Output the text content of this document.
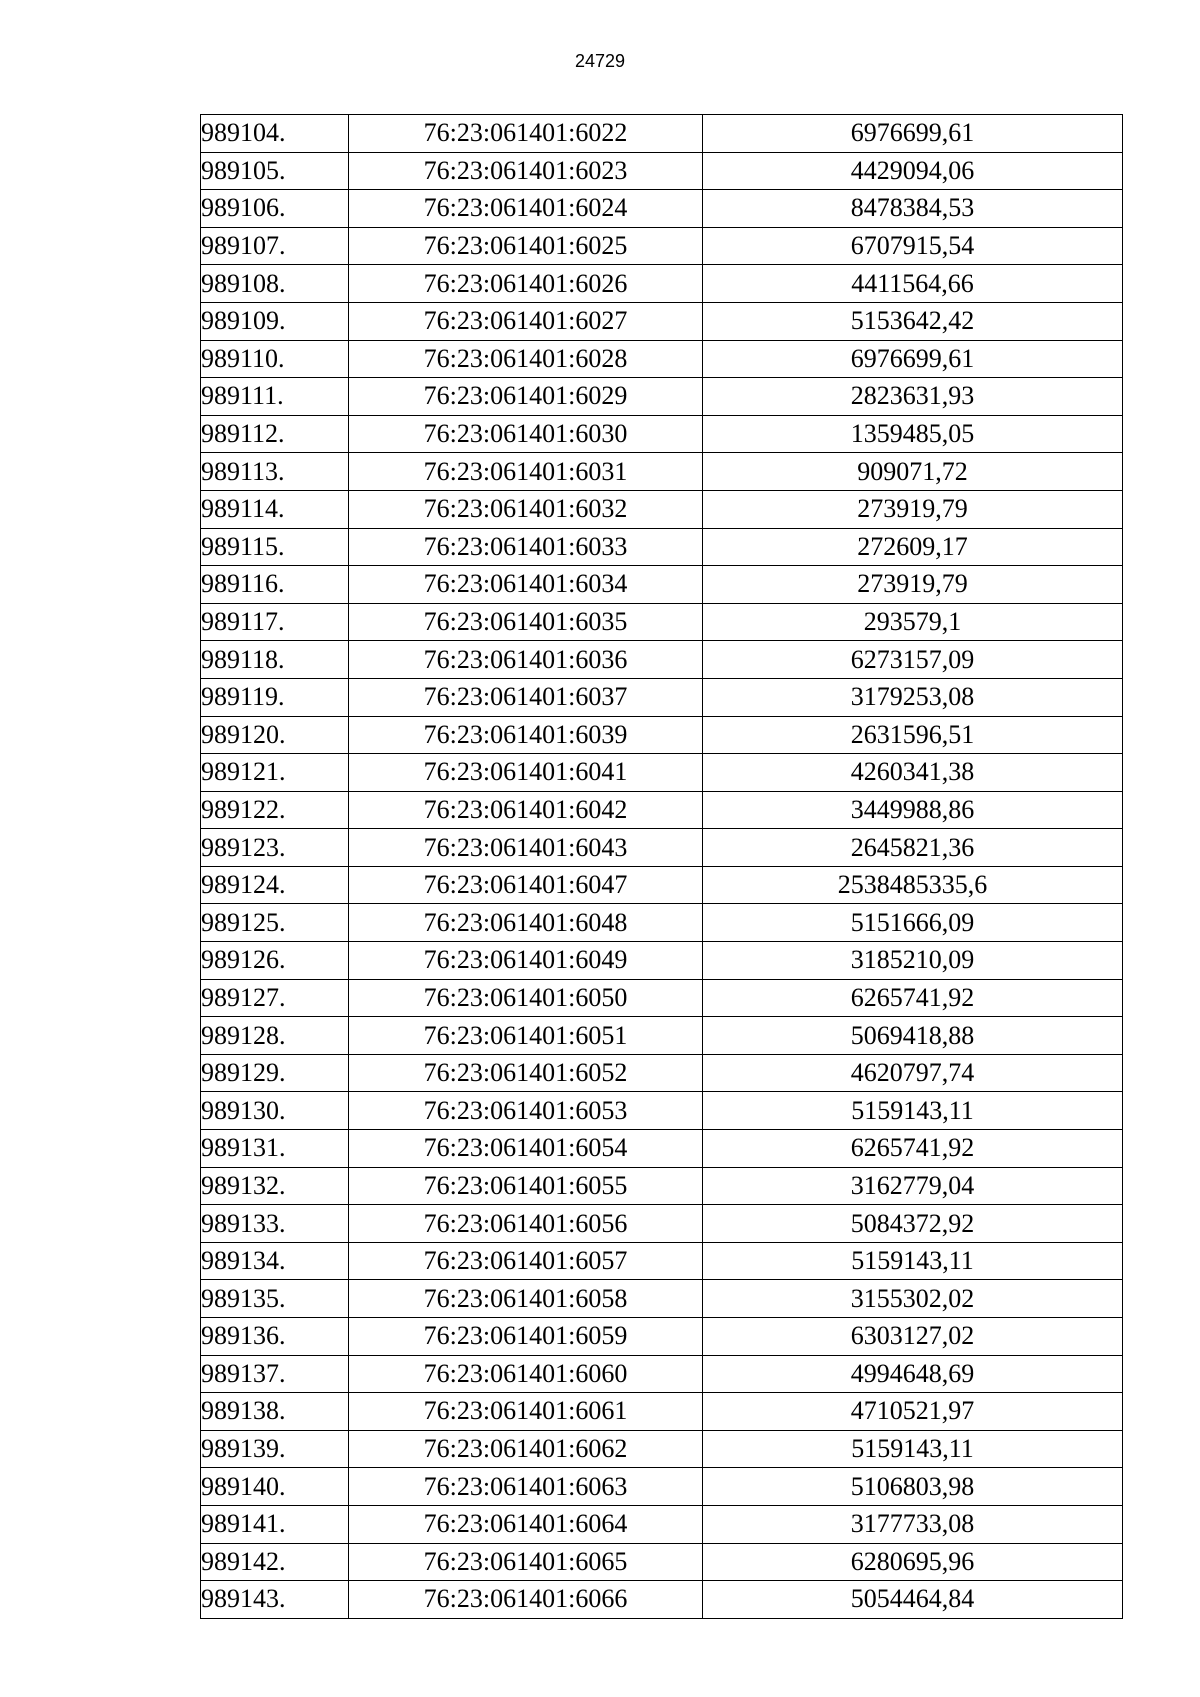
24729
989104.	76:23:061401:6022	6976699,61
989105.	76:23:061401:6023	4429094,06
989106.	76:23:061401:6024	8478384,53
989107.	76:23:061401:6025	6707915,54
989108.	76:23:061401:6026	4411564,66
989109.	76:23:061401:6027	5153642,42
989110.	76:23:061401:6028	6976699,61
989111.	76:23:061401:6029	2823631,93
989112.	76:23:061401:6030	1359485,05
989113.	76:23:061401:6031	909071,72
989114.	76:23:061401:6032	273919,79
989115.	76:23:061401:6033	272609,17
989116.	76:23:061401:6034	273919,79
989117.	76:23:061401:6035	293579,1
989118.	76:23:061401:6036	6273157,09
989119.	76:23:061401:6037	3179253,08
989120.	76:23:061401:6039	2631596,51
989121.	76:23:061401:6041	4260341,38
989122.	76:23:061401:6042	3449988,86
989123.	76:23:061401:6043	2645821,36
989124.	76:23:061401:6047	2538485335,6
989125.	76:23:061401:6048	5151666,09
989126.	76:23:061401:6049	3185210,09
989127.	76:23:061401:6050	6265741,92
989128.	76:23:061401:6051	5069418,88
989129.	76:23:061401:6052	4620797,74
989130.	76:23:061401:6053	5159143,11
989131.	76:23:061401:6054	6265741,92
989132.	76:23:061401:6055	3162779,04
989133.	76:23:061401:6056	5084372,92
989134.	76:23:061401:6057	5159143,11
989135.	76:23:061401:6058	3155302,02
989136.	76:23:061401:6059	6303127,02
989137.	76:23:061401:6060	4994648,69
989138.	76:23:061401:6061	4710521,97
989139.	76:23:061401:6062	5159143,11
989140.	76:23:061401:6063	5106803,98
989141.	76:23:061401:6064	3177733,08
989142.	76:23:061401:6065	6280695,96
989143.	76:23:061401:6066	5054464,84
